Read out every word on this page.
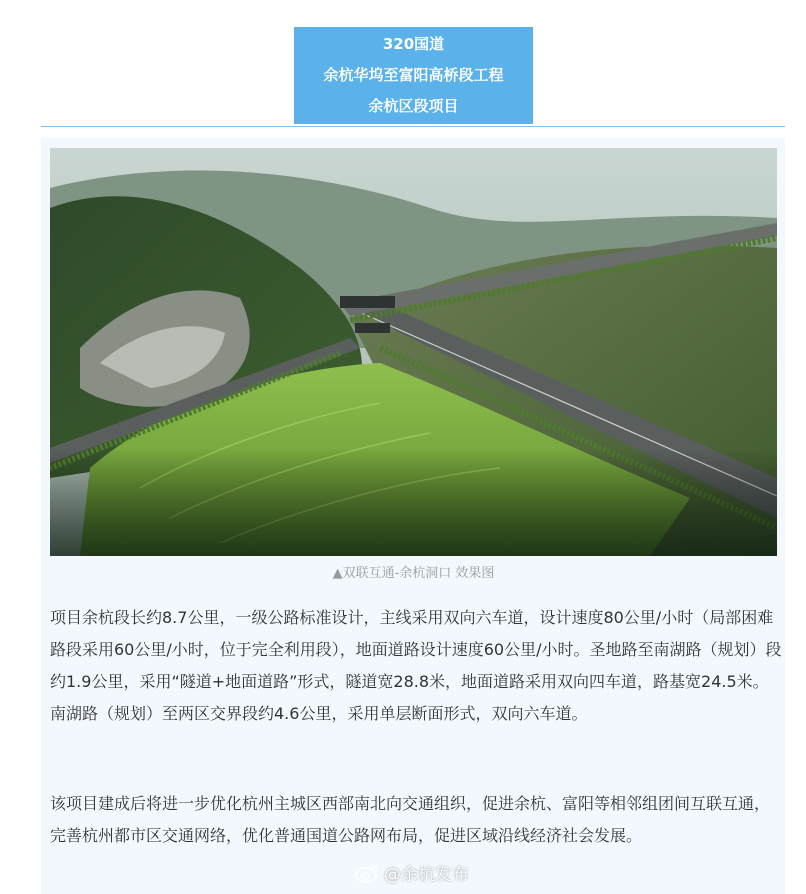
320国道
余杭华坞至富阳高桥段工程
余杭区段项目
▲双联互通-余杭洞口 效果图

项目余杭段长约8.7公里，一级公路标准设计，主线采用双向六车道，设计速度80公里/小时（局部困难路段采用60公里/小时，位于完全利用段），地面道路设计速度60公里/小时。圣地路至南湖路（规划）段约1.9公里，采用“隧道+地面道路”形式，隧道宽28.8米，地面道路采用双向四车道，路基宽24.5米。南湖路（规划）至两区交界段约4.6公里，采用单层断面形式，双向六车道。

该项目建成后将进一步优化杭州主城区西部南北向交通组织，促进余杭、富阳等相邻组团间互联互通，完善杭州都市区交通网络，优化普通国道公路网布局，促进区域沿线经济社会发展。

@余杭发布
